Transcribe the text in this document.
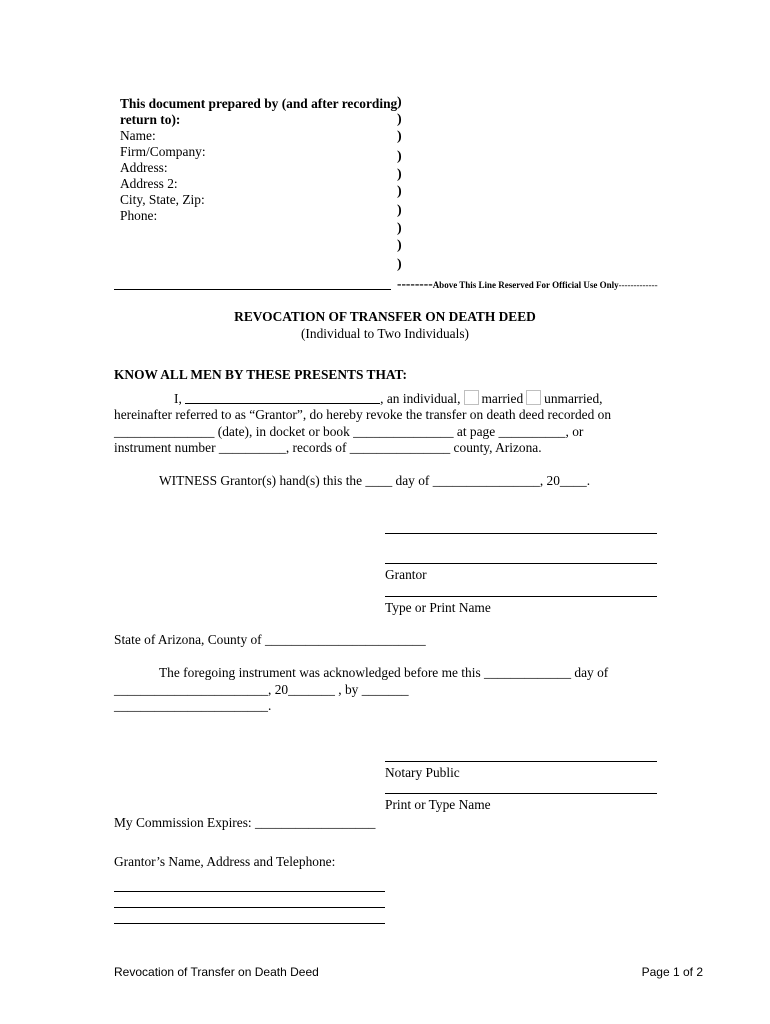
This document prepared by (and after recording
return to):
Name:
Firm/Company:
Address:
Address 2:
City, State, Zip:
Phone:
)
)
)
)
)
)
)
)
)
)
--------Above This Line Reserved For Official Use Only-------------
REVOCATION OF TRANSFER ON DEATH DEED
(Individual to Two Individuals)
KNOW ALL MEN BY THESE PRESENTS THAT:
I,	, an individual, married unmarried,
hereinafter referred to as “Grantor”, do hereby revoke the transfer on death deed recorded on
_______________ (date), in docket or book _______________ at page __________, or
instrument number __________, records of _______________ county, Arizona.
WITNESS Grantor(s) hand(s) this the ____ day of ________________, 20____.
Grantor
Type or Print Name
State of Arizona, County of ________________________
The foregoing instrument was acknowledged before me this _____________ day of
_______________________, 20_______ , by _______
_______________________.
Notary Public
Print or Type Name
My Commission Expires: __________________
Grantor’s Name, Address and Telephone:
Revocation of Transfer on Death Deed	Page 1 of 2
